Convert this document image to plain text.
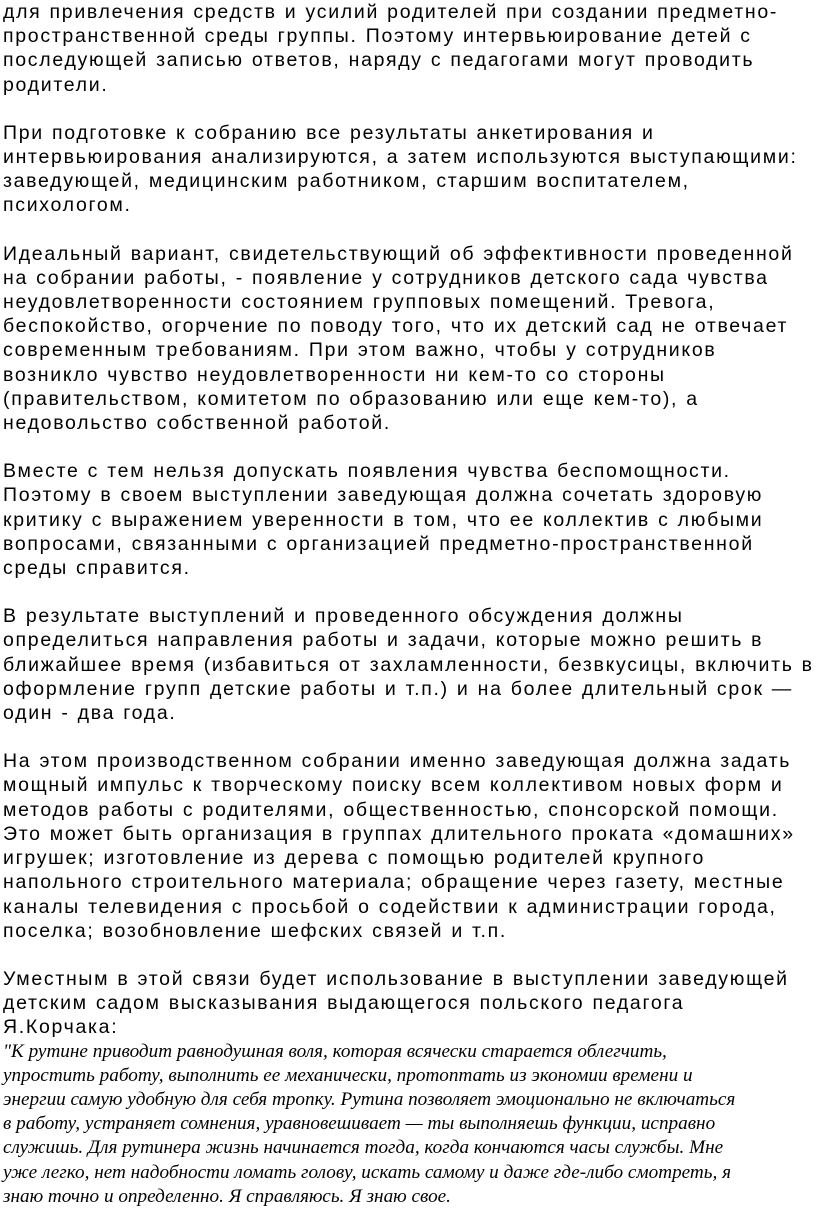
для привлечения средств и усилий родителей при создании предметно-
пространственной среды группы. Поэтому интервьюирование детей с
последующей записью ответов, наряду с педагогами могут проводить
родители.

При подготовке к собранию все результаты анкетирования и
интервьюирования анализируются, а затем используются выступающими:
заведующей, медицинским работником, старшим воспитателем,
психологом.

Идеальный вариант, свидетельствующий об эффективности проведенной
на собрании работы, - появление у сотрудников детского сада чувства
неудовлетворенности состоянием групповых помещений. Тревога,
беспокойство, огорчение по поводу того, что их детский сад не отвечает
современным требованиям. При этом важно, чтобы у сотрудников
возникло чувство неудовлетворенности ни кем-то со стороны
(правительством, комитетом по образованию или еще кем-то), а
недовольство собственной работой.

Вместе с тем нельзя допускать появления чувства беспомощности.
Поэтому в своем выступлении заведующая должна сочетать здоровую
критику с выражением уверенности в том, что ее коллектив с любыми
вопросами, связанными с организацией предметно-пространственной
среды справится.

В результате выступлений и проведенного обсуждения должны
определиться направления работы и задачи, которые можно решить в
ближайшее время (избавиться от захламленности, безвкусицы, включить в
оформление групп детские работы и т.п.) и на более длительный срок —
один - два года.

На этом производственном собрании именно заведующая должна задать
мощный импульс к творческому поиску всем коллективом новых форм и
методов работы с родителями, общественностью, спонсорской помощи.
Это может быть организация в группах длительного проката «домашних»
игрушек; изготовление из дерева с помощью родителей крупного
напольного строительного материала; обращение через газету, местные
каналы телевидения с просьбой о содействии к администрации города,
поселка; возобновление шефских связей и т.п.

Уместным в этой связи будет использование в выступлении заведующей
детским садом высказывания выдающегося польского педагога
Я.Корчака:

"К рутине приводит равнодушная воля, которая всячески старается облегчить,
упростить работу, выполнить ее механически, протоптать из экономии времени и
энергии самую удобную для себя тропку. Рутина позволяет эмоционально не включаться
в работу, устраняет сомнения, уравновешивает — ты выполняешь функции, исправно
служишь. Для рутинера жизнь начинается тогда, когда кончаются часы службы. Мне
уже легко, нет надобности ломать голову, искать самому и даже где-либо смотреть, я
знаю точно и определенно. Я справляюсь. Я знаю свое.
